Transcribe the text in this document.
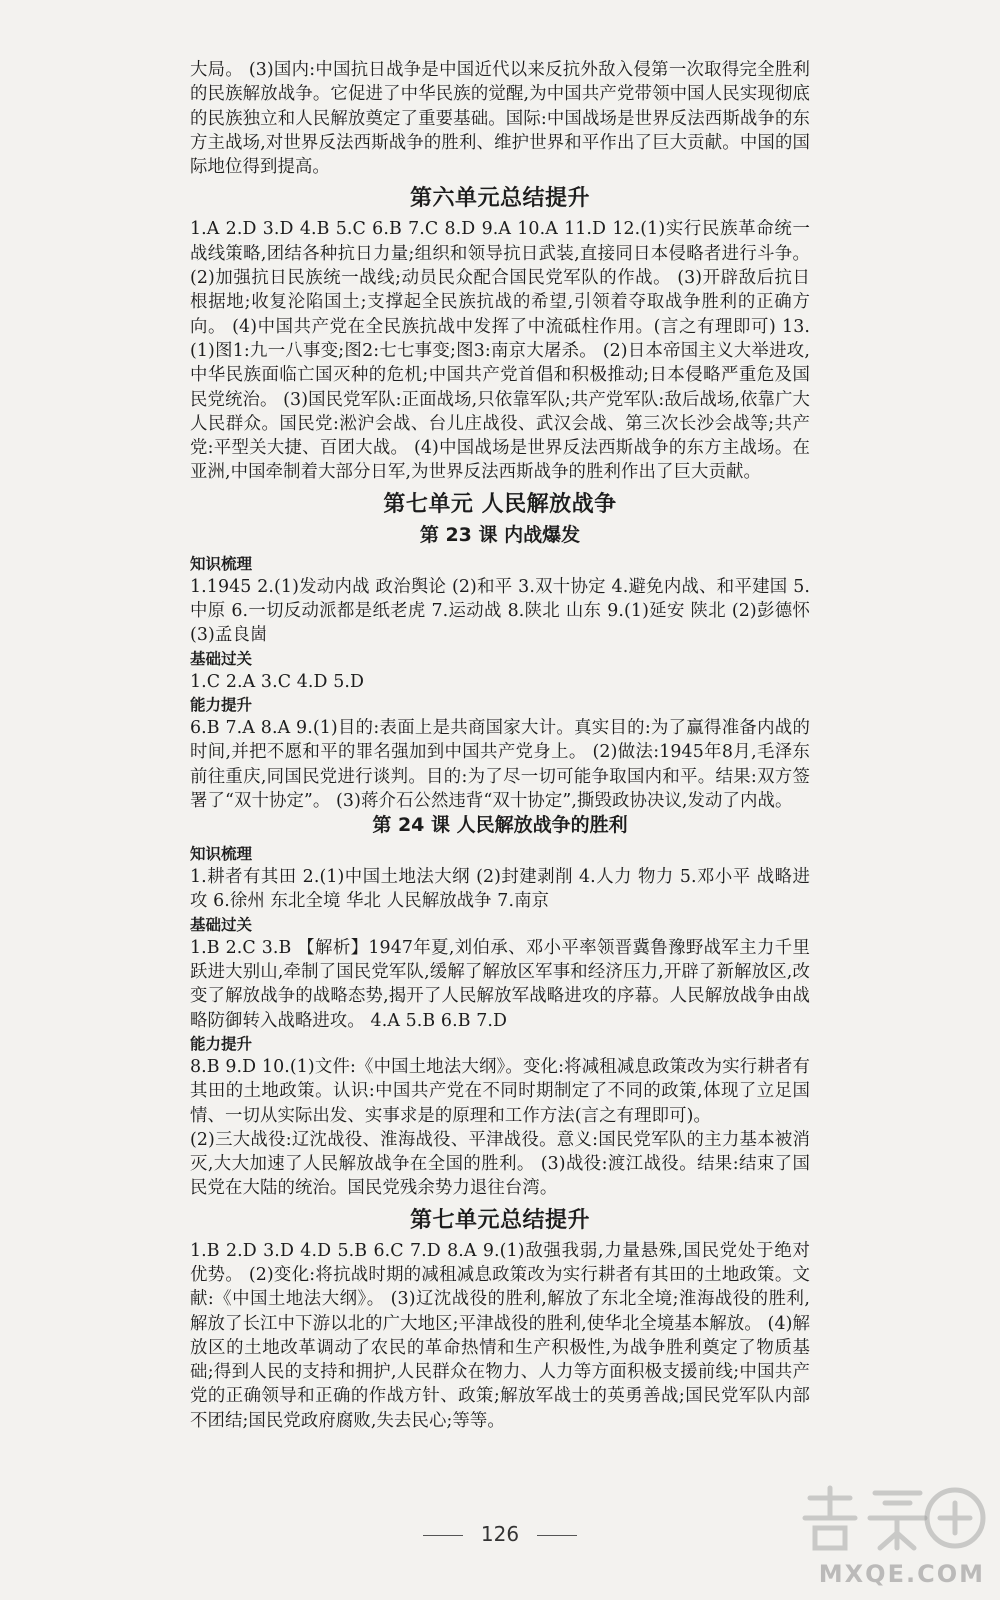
大局。 (3)国内:中国抗日战争是中国近代以来反抗外敌入侵第一次取得完全胜利的民族解放战争。它促进了中华民族的觉醒,为中国共产党带领中国人民实现彻底的民族独立和人民解放奠定了重要基础。国际:中国战场是世界反法西斯战争的东方主战场,对世界反法西斯战争的胜利、维护世界和平作出了巨大贡献。中国的国际地位得到提高。

第六单元总结提升

1.A 2.D 3.D 4.B 5.C 6.B 7.C 8.D 9.A 10.A 11.D 12.(1)实行民族革命统一战线策略,团结各种抗日力量;组织和领导抗日武装,直接同日本侵略者进行斗争。 (2)加强抗日民族统一战线;动员民众配合国民党军队的作战。 (3)开辟敌后抗日根据地;收复沦陷国土;支撑起全民族抗战的希望,引领着夺取战争胜利的正确方向。 (4)中国共产党在全民族抗战中发挥了中流砥柱作用。(言之有理即可) 13.(1)图1:九一八事变;图2:七七事变;图3:南京大屠杀。 (2)日本帝国主义大举进攻,中华民族面临亡国灭种的危机;中国共产党首倡和积极推动;日本侵略严重危及国民党统治。 (3)国民党军队:正面战场,只依靠军队;共产党军队:敌后战场,依靠广大人民群众。国民党:淞沪会战、台儿庄战役、武汉会战、第三次长沙会战等;共产党:平型关大捷、百团大战。 (4)中国战场是世界反法西斯战争的东方主战场。在亚洲,中国牵制着大部分日军,为世界反法西斯战争的胜利作出了巨大贡献。

第七单元 人民解放战争
第 23 课 内战爆发
知识梳理

1.1945 2.(1)发动内战 政治舆论 (2)和平 3.双十协定 4.避免内战、和平建国 5.中原 6.一切反动派都是纸老虎 7.运动战 8.陕北 山东 9.(1)延安 陕北 (2)彭德怀 (3)孟良崮

基础过关

1.C 2.A 3.C 4.D 5.D

能力提升

6.B 7.A 8.A 9.(1)目的:表面上是共商国家大计。真实目的:为了赢得准备内战的时间,并把不愿和平的罪名强加到中国共产党身上。 (2)做法:1945年8月,毛泽东前往重庆,同国民党进行谈判。目的:为了尽一切可能争取国内和平。结果:双方签署了“双十协定”。 (3)蒋介石公然违背“双十协定”,撕毁政协决议,发动了内战。

第 24 课 人民解放战争的胜利
知识梳理

1.耕者有其田 2.(1)中国土地法大纲 (2)封建剥削 4.人力 物力 5.邓小平 战略进攻 6.徐州 东北全境 华北 人民解放战争 7.南京

基础过关

1.B 2.C 3.B 【解析】1947年夏,刘伯承、邓小平率领晋冀鲁豫野战军主力千里跃进大别山,牵制了国民党军队,缓解了解放区军事和经济压力,开辟了新解放区,改变了解放战争的战略态势,揭开了人民解放军战略进攻的序幕。人民解放战争由战略防御转入战略进攻。 4.A 5.B 6.B 7.D

能力提升

8.B 9.D 10.(1)文件:《中国土地法大纲》。变化:将减租减息政策改为实行耕者有其田的土地政策。认识:中国共产党在不同时期制定了不同的政策,体现了立足国情、一切从实际出发、实事求是的原理和工作方法(言之有理即可)。

(2)三大战役:辽沈战役、淮海战役、平津战役。意义:国民党军队的主力基本被消灭,大大加速了人民解放战争在全国的胜利。 (3)战役:渡江战役。结果:结束了国民党在大陆的统治。国民党残余势力退往台湾。

第七单元总结提升

1.B 2.D 3.D 4.D 5.B 6.C 7.D 8.A 9.(1)敌强我弱,力量悬殊,国民党处于绝对优势。 (2)变化:将抗战时期的减租减息政策改为实行耕者有其田的土地政策。文献:《中国土地法大纲》。 (3)辽沈战役的胜利,解放了东北全境;淮海战役的胜利,解放了长江中下游以北的广大地区;平津战役的胜利,使华北全境基本解放。 (4)解放区的土地改革调动了农民的革命热情和生产积极性,为战争胜利奠定了物质基础;得到人民的支持和拥护,人民群众在物力、人力等方面积极支援前线;中国共产党的正确领导和正确的作战方针、政策;解放军战士的英勇善战;国民党军队内部不团结;国民党政府腐败,失去民心;等等。

126
MXQE.COM
